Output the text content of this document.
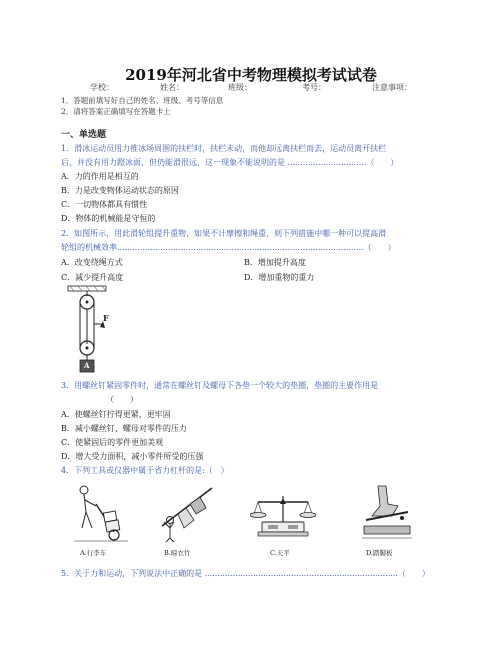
2019年河北省中考物理模拟考试试卷
学校：	姓名：	班级：	考号：	注意事项：
1．答题前填写好自己的姓名、班级、考号等信息
2．请将答案正确填写在答题卡上
一、单选题
1．滑冰运动员用力推冰场周围的扶栏时，扶栏未动，而他却远离扶栏而去，运动员离开扶栏
后，并没有用力蹬冰面，但仍能滑很远，这一现象不能说明的是 ...............................（　　）
A．力的作用是相互的
B．力是改变物体运动状态的原因
C．一切物体都具有惯性
D．物体的机械能是守恒的
2．如图所示，用此滑轮组提升重物，如果不计摩擦和绳重，则下列措施中哪一种可以提高滑
轮组的机械效率.................................................................................................（　　）
A．改变绕绳方式	B．增加提升高度
C．减少提升高度	D．增加重物的重力
F
A
3．用螺丝钉紧固零件时，通常在螺丝钉及螺母下各垫一个较大的垫圈，垫圈的主要作用是
（　　）
A．使螺丝钉拧得更紧，更牢固
B．减小螺丝钉、螺母对零件的压力
C．使紧固后的零件更加美观
D．增大受力面积，减小零件所受的压强
4．下列工具或仪器中属于省力杠杆的是:（　）
A.行李车	B.晾衣竹	C.天平	D.踏脚板
5．关于力和运动，下列说法中正确的是 ............................................................................（　　）
